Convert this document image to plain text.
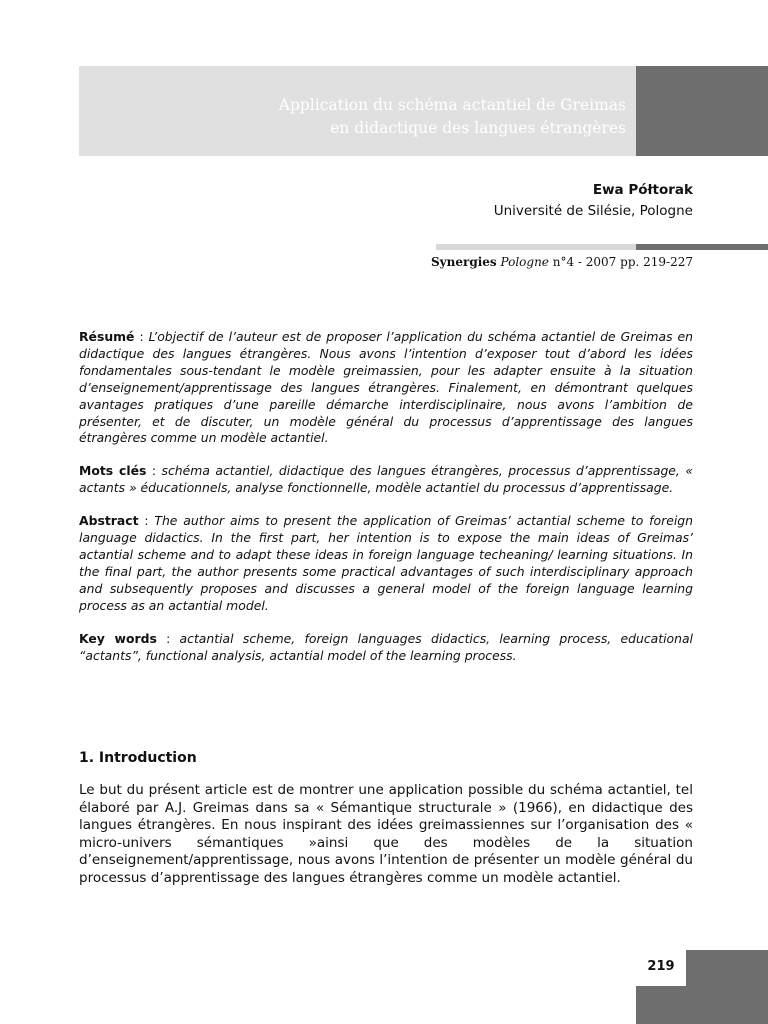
Application du schéma actantiel de Greimas
en didactique des langues étrangères
Ewa Półtorak
Université de Silésie, Pologne
Synergies Pologne n°4 - 2007 pp. 219-227

Résumé : L’objectif de l’auteur est de proposer l’application du schéma actantiel de Greimas en didactique des langues étrangères. Nous avons l’intention d’exposer tout d’abord les idées fondamentales sous-tendant le modèle greimassien, pour les adapter ensuite à la situation d’enseignement/apprentissage des langues étrangères. Finalement, en démontrant quelques avantages pratiques d’une pareille démarche interdisciplinaire, nous avons l’ambition de présenter, et de discuter, un modèle général du processus d’apprentissage des langues étrangères comme un modèle actantiel.

Mots clés : schéma actantiel, didactique des langues étrangères, processus d’apprentissage, « actants » éducationnels, analyse fonctionnelle, modèle actantiel du processus d’apprentissage.

Abstract : The author aims to present the application of Greimas’ actantial scheme to foreign language didactics. In the first part, her intention is to expose the main ideas of Greimas’ actantial scheme and to adapt these ideas in foreign language techeaning/ learning situations. In the final part, the author presents some practical advantages of such interdisciplinary approach and subsequently proposes and discusses a general model of the foreign language learning process as an actantial model.

Key words : actantial scheme, foreign languages didactics, learning process, educational “actants”, functional analysis, actantial model of the learning process.

1. Introduction

Le but du présent article est de montrer une application possible du schéma actantiel, tel élaboré par A.J. Greimas dans sa « Sémantique structurale » (1966), en didactique des langues étrangères. En nous inspirant des idées greimassiennes sur l’organisation des « micro-univers sémantiques »ainsi que des modèles de la situation d’enseignement/apprentissage, nous avons l’intention de présenter un modèle général du processus d’apprentissage des langues étrangères comme un modèle actantiel.

219
